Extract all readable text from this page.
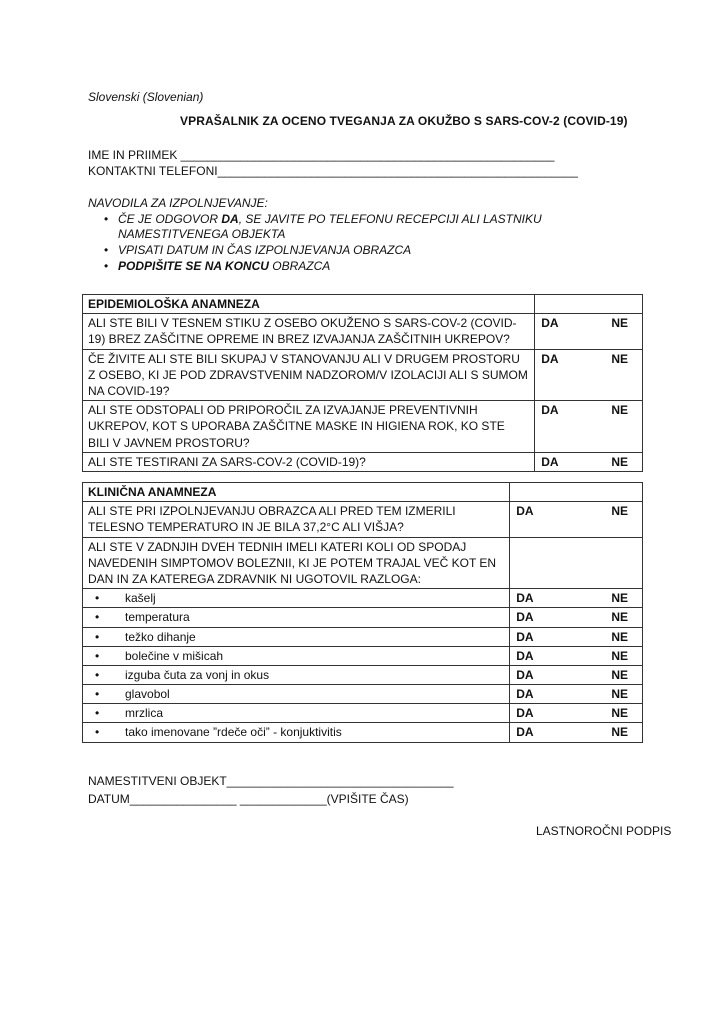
Slovenski (Slovenian)
VPRAŠALNIK ZA OCENO TVEGANJA ZA OKUŽBO S SARS-COV-2 (COVID-19)
IME IN PRIIMEK ________________________________________________________
KONTAKTNI TELEFONI______________________________________________________
NAVODILA ZA IZPOLNJEVANJE:
• ČE JE ODGOVOR DA, SE JAVITE PO TELEFONU RECEPCIJI ALI LASTNIKU NAMESTITVENEGA OBJEKTA
• VPISATI DATUM IN ČAS IZPOLNJEVANJA OBRAZCA
• PODPIŠITE SE NA KONCU OBRAZCA
EPIDEMIOLOŠKA ANAMNEZA	
ALI STE BILI V TESNEM STIKU Z OSEBO OKUŽENO S SARS-COV-2 (COVID-19) BREZ ZAŠČITNE OPREME IN BREZ IZVAJANJA ZAŠČITNIH UKREPOV?	DA NE

ČE ŽIVITE ALI STE BILI SKUPAJ V STANOVANJU ALI V DRUGEM PROSTORU Z OSEBO, KI JE POD ZDRAVSTVENIM NADZOROM/V IZOLACIJI ALI S SUMOM NA COVID-19?	DA NE

ALI STE ODSTOPALI OD PRIPOROČIL ZA IZVAJANJE PREVENTIVNIH UKREPOV, KOT S UPORABA ZAŠČITNE MASKE IN HIGIENA ROK, KO STE BILI V JAVNEM PROSTORU?	DA NE

ALI STE TESTIRANI ZA SARS-COV-2 (COVID-19)?	DA NE
KLINIČNA ANAMNEZA	
ALI STE PRI IZPOLNJEVANJU OBRAZCA ALI PRED TEM IZMERILI TELESNO TEMPERATURO IN JE BILA 37,2°C ALI VIŠJA?	DA NE

ALI STE V ZADNJIH DVEH TEDNIH IMELI KATERI KOLI OD SPODAJ NAVEDENIH SIMPTOMOV BOLEZNII, KI JE POTEM TRAJAL VEČ KOT EN DAN IN ZA KATEREGA ZDRAVNIK NI UGOTOVIL RAZLOGA:	
• kašelj	DA NE

• temperatura	DA NE

• težko dihanje	DA NE

• bolečine v mišicah	DA NE

• izguba čuta za vonj in okus	DA NE

• glavobol	DA NE

• mrzlica	DA NE

• tako imenovane ”rdeče oči” - konjuktivitis	DA NE
NAMESTITVENI OBJEKT__________________________________
DATUM________________ _____________(VPIŠITE ČAS)
LASTNOROČNI PODPIS
